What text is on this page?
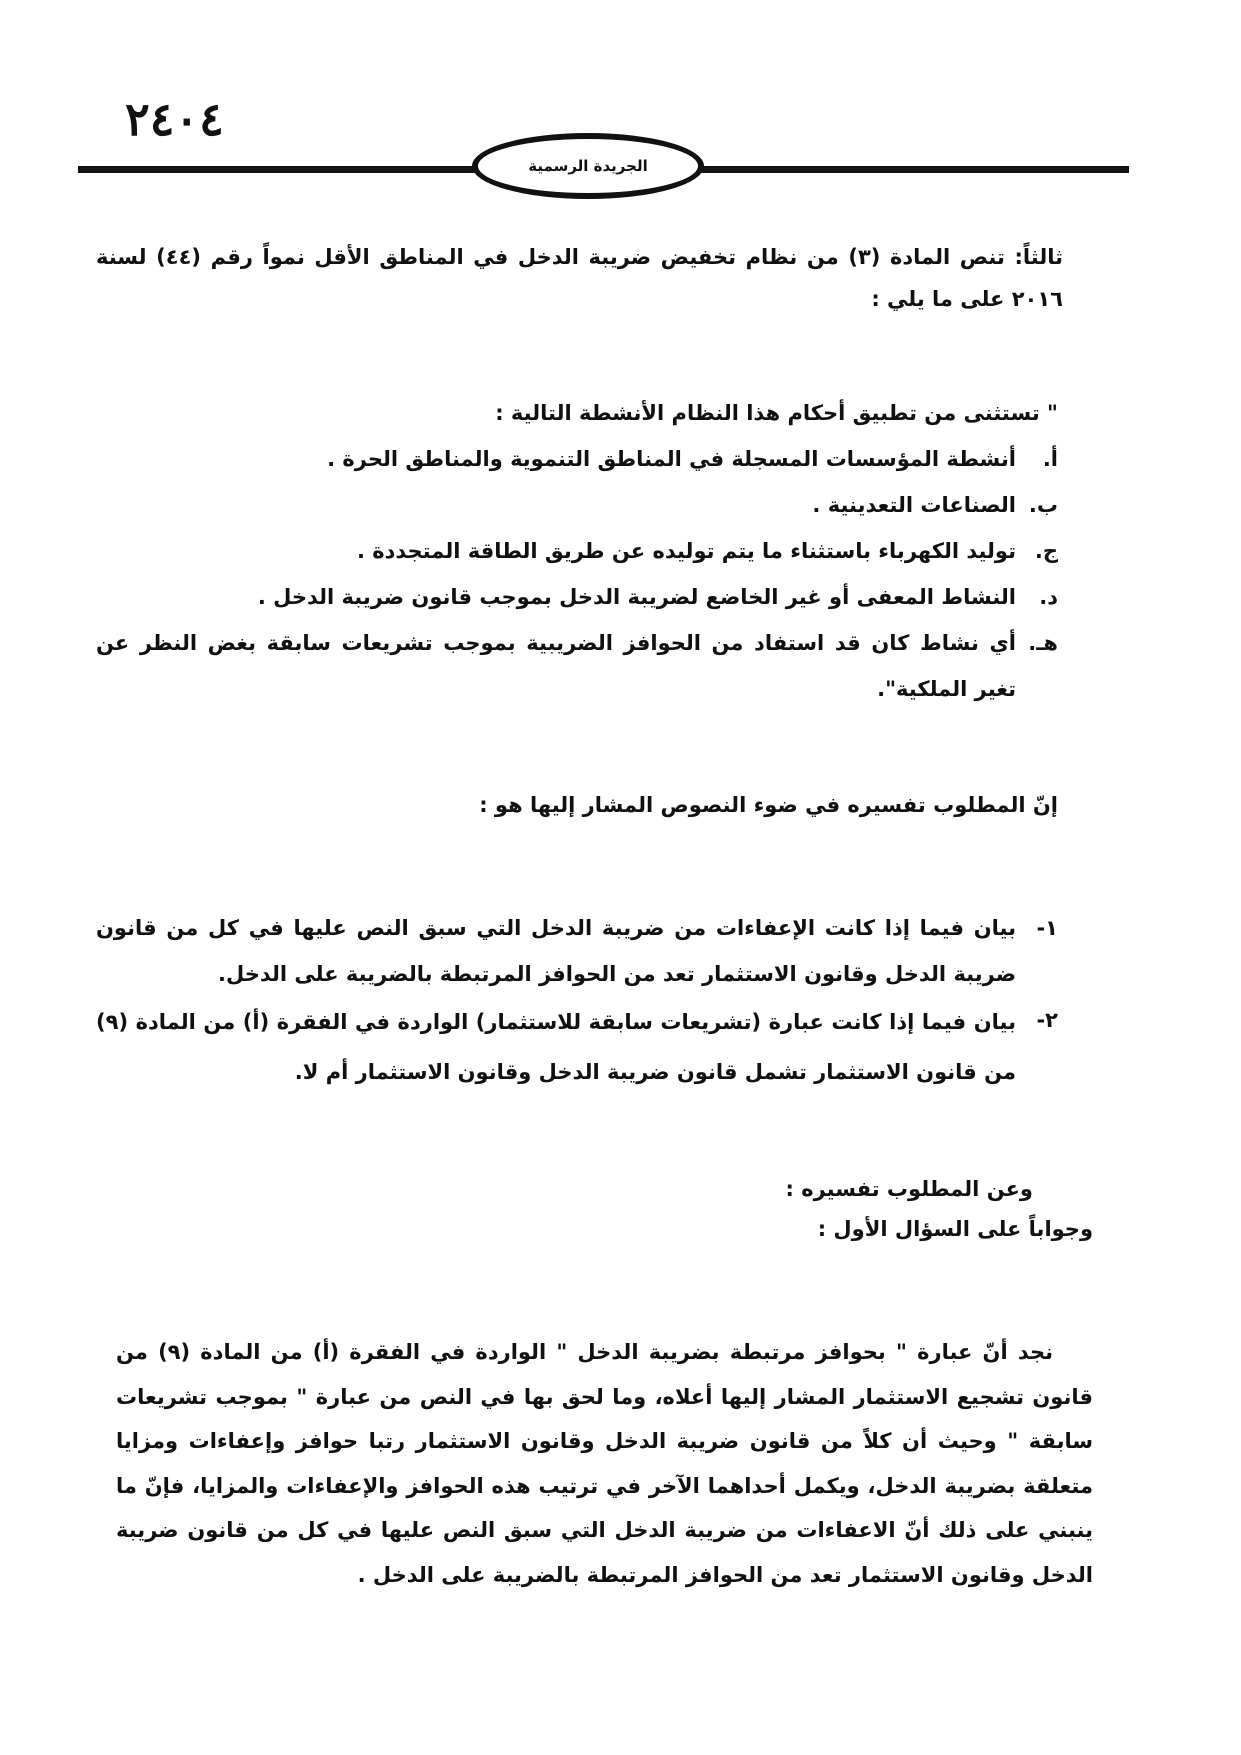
٢٤٠٤
الجريدة الرسمية
ثالثاً: تنص المادة (٣) من نظام تخفيض ضريبة الدخل في المناطق الأقل نمواً رقم (٤٤) لسنة ٢٠١٦ على ما يلي :
" تستثنى من تطبيق أحكام هذا النظام الأنشطة التالية :
أ.
أنشطة المؤسسات المسجلة في المناطق التنموية والمناطق الحرة .
ب.
الصناعات التعدينية .
ج.
توليد الكهرباء باستثناء ما يتم توليده عن طريق الطاقة المتجددة .
د.
النشاط المعفى أو غير الخاضع لضريبة الدخل بموجب قانون ضريبة الدخل .
هـ.
أي نشاط كان قد استفاد من الحوافز الضريبية بموجب تشريعات سابقة بغض النظر عن تغير الملكية".
إنّ المطلوب تفسيره في ضوء النصوص المشار إليها هو :
١-
بيان فيما إذا كانت الإعفاءات من ضريبة الدخل التي سبق النص عليها في كل من قانون ضريبة الدخل وقانون الاستثمار تعد من الحوافز المرتبطة بالضريبة على الدخل.
٢-
بيان فيما إذا كانت عبارة (تشريعات سابقة للاستثمار) الواردة في الفقرة (أ) من المادة (٩) من قانون الاستثمار تشمل قانون ضريبة الدخل وقانون الاستثمار أم لا.
وعن المطلوب تفسيره :
وجواباً على السؤال الأول :
نجد أنّ عبارة " بحوافز مرتبطة بضريبة الدخل " الواردة في الفقرة (أ) من المادة (٩) من قانون تشجيع الاستثمار المشار إليها أعلاه، وما لحق بها في النص من عبارة " بموجب تشريعات سابقة " وحيث أن كلاً من قانون ضريبة الدخل وقانون الاستثمار رتبا حوافز وإعفاءات ومزايا متعلقة بضريبة الدخل، ويكمل أحداهما الآخر في ترتيب هذه الحوافز والإعفاءات والمزايا، فإنّ ما ينبني على ذلك أنّ الاعفاءات من ضريبة الدخل التي سبق النص عليها في كل من قانون ضريبة الدخل وقانون الاستثمار تعد من الحوافز المرتبطة بالضريبة على الدخل .
